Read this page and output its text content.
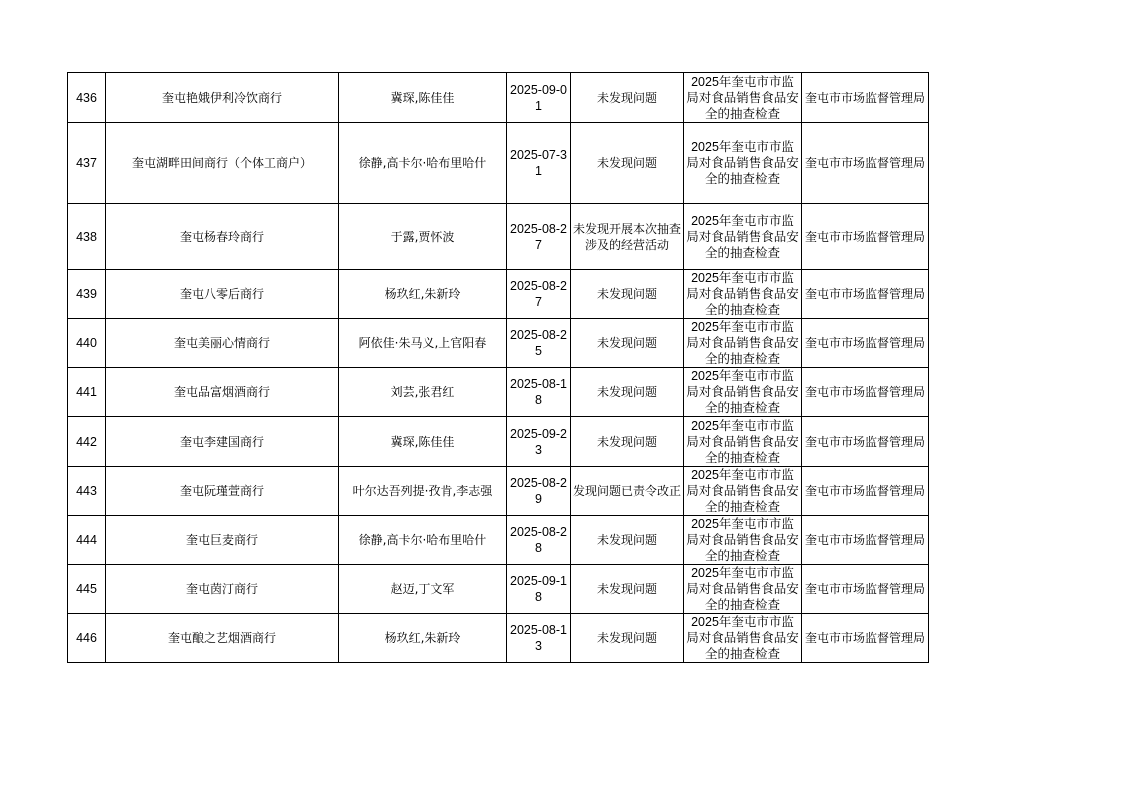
436	奎屯艳娥伊利冷饮商行	冀琛,陈佳佳	2025-09-01	未发现问题	2025年奎屯市市监局对食品销售食品安全的抽查检查	奎屯市市场监督管理局
437	奎屯湖畔田间商行（个体工商户）	徐静,高卡尔·哈布里哈什	2025-07-31	未发现问题	2025年奎屯市市监局对食品销售食品安全的抽查检查	奎屯市市场监督管理局
438	奎屯杨春玲商行	于露,贾怀波	2025-08-27	未发现开展本次抽查涉及的经营活动	2025年奎屯市市监局对食品销售食品安全的抽查检查	奎屯市市场监督管理局
439	奎屯八零后商行	杨玖红,朱新玲	2025-08-27	未发现问题	2025年奎屯市市监局对食品销售食品安全的抽查检查	奎屯市市场监督管理局
440	奎屯美丽心情商行	阿依佳·朱马义,上官阳春	2025-08-25	未发现问题	2025年奎屯市市监局对食品销售食品安全的抽查检查	奎屯市市场监督管理局
441	奎屯品富烟酒商行	刘芸,张君红	2025-08-18	未发现问题	2025年奎屯市市监局对食品销售食品安全的抽查检查	奎屯市市场监督管理局
442	奎屯李建国商行	冀琛,陈佳佳	2025-09-23	未发现问题	2025年奎屯市市监局对食品销售食品安全的抽查检查	奎屯市市场监督管理局
443	奎屯阮瑾萱商行	叶尔达吾列提·孜肯,李志强	2025-08-29	发现问题已责令改正	2025年奎屯市市监局对食品销售食品安全的抽查检查	奎屯市市场监督管理局
444	奎屯巨麦商行	徐静,高卡尔·哈布里哈什	2025-08-28	未发现问题	2025年奎屯市市监局对食品销售食品安全的抽查检查	奎屯市市场监督管理局
445	奎屯茵汀商行	赵迈,丁文军	2025-09-18	未发现问题	2025年奎屯市市监局对食品销售食品安全的抽查检查	奎屯市市场监督管理局
446	奎屯酿之艺烟酒商行	杨玖红,朱新玲	2025-08-13	未发现问题	2025年奎屯市市监局对食品销售食品安全的抽查检查	奎屯市市场监督管理局
